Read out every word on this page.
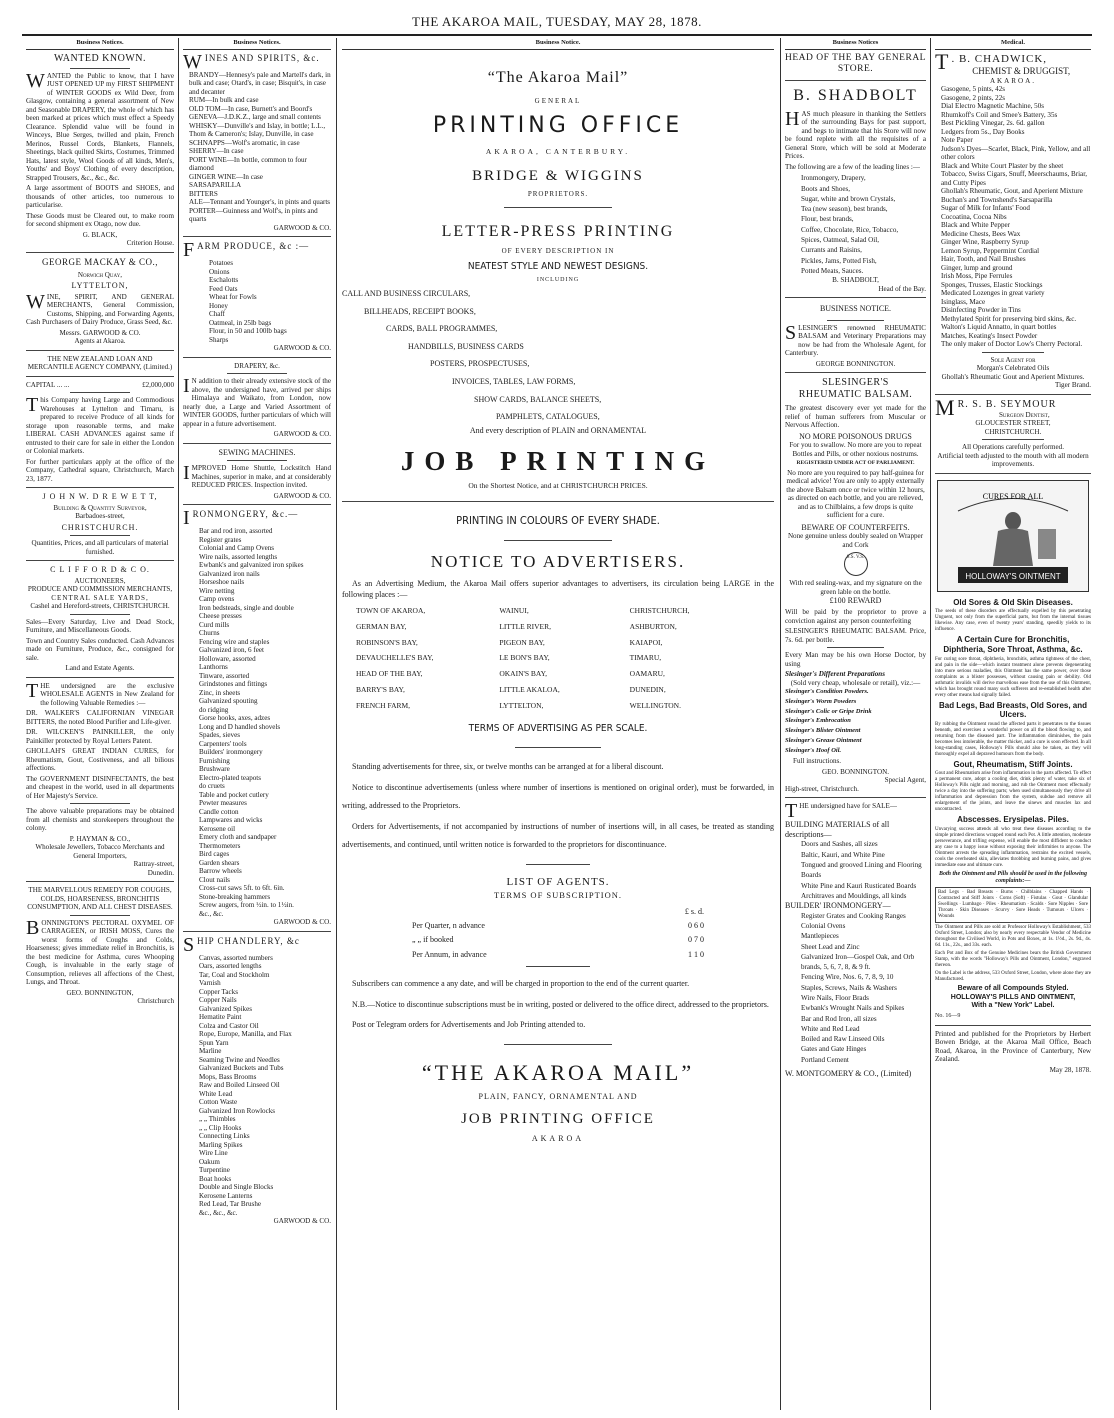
THE AKAROA MAIL, TUESDAY, MAY 28, 1878.
Business Notices.
WANTED KNOWN.
WANTED the Public to know, that I have JUST OPENED UP my FIRST SHIPMENT of WINTER GOODS ex Wild Deer, from Glasgow, containing a general assortment of New and Seasonable DRAPERY, the whole of which has been marked at prices which must effect a Speedy Clearance. Splendid value will be found in Winceys, Blue Serges, twilled and plain, French Merinos, Russel Cords, Blankets, Flannels, Sheetings, black quilted Skirts, Costumes, Trimmed Hats, latest style, Wool Goods of all kinds, Men's, Youths' and Boys' Clothing of every description, Strapped Trousers, &c., &c., &c.
A large assortment of BOOTS and SHOES, and thousands of other articles, too numerous to particularise.
These Goods must be Cleared out, to make room for second shipment ex Otago, now due.
G. BLACK,
Criterion House.
GEORGE MACKAY & CO.,
Norwich Quay,
LYTTELTON,
WINE, SPIRIT, AND GENERAL MERCHANTS, General Commission, Customs, Shipping, and Forwarding Agents, Cash Purchasers of Dairy Produce, Grass Seed, &c.
Messrs. GARWOOD & CO.
Agents at Akaroa.
THE NEW ZEALAND LOAN AND MERCANTILE AGENCY COMPANY, (Limited.)
CAPITAL ... ...	£2,000,000
This Company having Large and Commodious Warehouses at Lyttelton and Timaru, is prepared to receive Produce of all kinds for storage upon reasonable terms, and make LIBERAL CASH ADVANCES against same if entrusted to their care for sale in either the London or Colonial markets.
For further particulars apply at the office of the Company, Cathedral square, Christchurch, March 23, 1877.
J O H N W. D R E W E T T,
Building & Quantity Surveyor,
Barbadoes-street,
CHRISTCHURCH.
Quantities, Prices, and all particulars of material furnished.
C L I F F O R D & C O.
AUCTIONEERS,
PRODUCE AND COMMISSION MERCHANTS,
CENTRAL SALE YARDS,
Cashel and Hereford-streets, CHRISTCHURCH.
Sales—Every Saturday, Live and Dead Stock, Furniture, and Miscellaneous Goods.
Town and Country Sales conducted. Cash Advances made on Furniture, Produce, &c., consigned for sale.
Land and Estate Agents.
THE undersigned are the exclusive WHOLESALE AGENTS in New Zealand for the following Valuable Remedies :—
DR. WALKER'S CALIFORNIAN VINEGAR BITTERS, the noted Blood Purifier and Life-giver.
DR. WILCKEN'S PAINKILLER, the only Painkiller protected by Royal Letters Patent.
GHOLLAH'S GREAT INDIAN CURES, for Rheumatism, Gout, Costiveness, and all bilious affections.
The GOVERNMENT DISINFECTANTS, the best and cheapest in the world, used in all departments of Her Majesty's Service.
The above valuable preparations may be obtained from all chemists and storekeepers throughout the colony.
P. HAYMAN & CO.,
Wholesale Jewellers, Tobacco Merchants and General Importers,
Rattray-street,
Dunedin.
THE MARVELLOUS REMEDY FOR COUGHS, COLDS, HOARSENESS, BRONCHITIS CONSUMPTION, AND ALL CHEST DISEASES.
BONNINGTON'S PECTORAL OXYMEL OF CARRAGEEN, or IRISH MOSS, Cures the worst forms of Coughs and Colds, Hoarseness; gives immediate relief in Bronchitis, is the best medicine for Asthma, cures Whooping Cough, is invaluable in the early stage of Consumption, relieves all affections of the Chest, Lungs, and Throat.
GEO. BONNINGTON,
Christchurch
Business Notices.
WINES AND SPIRITS, &c.
BRANDY—Hennesy's pale and Martell's dark, in bulk and case; Otard's, in case; Bisquit's, in case and decanter
RUM—In bulk and case
OLD TOM—In case, Burnett's and Boord's
GENEVA—J.D.K.Z., large and small contents
WHISKY—Dunville's and Islay, in bottle; L.L., Thom & Cameron's; Islay, Dunville, in case
SCHNAPPS—Wolf's aromatic, in case
SHERRY—In case
PORT WINE—In bottle, common to four diamond
GINGER WINE—In case
SARSAPARILLA
BITTERS
ALE—Tennant and Younger's, in pints and quarts
PORTER—Guinness and Wolf's, in pints and quarts
GARWOOD & CO.
FARM PRODUCE, &c :—
Potatoes
Onions
Eschalotts
Feed Oats
Wheat for Fowls
Honey
Chaff
Oatmeal, in 25lb bags
Flour, in 50 and 100lb bags
Sharps
GARWOOD & CO.
DRAPERY, &c.
I N addition to their already extensive stock of the above, the undersigned have, arrived per ships Himalaya and Waikato, from London, now nearly due, a Large and Varied Assortment of WINTER GOODS, further particulars of which will appear in a future advertisement.
GARWOOD & CO.
SEWING MACHINES.
IMPROVED Home Shuttle, Lockstitch Hand Machines, superior in make, and at considerably REDUCED PRICES. Inspection invited.
GARWOOD & CO.
IRONMONGERY, &c.—
Bar and rod iron, assorted
Register grates
Colonial and Camp Ovens
Wire nails, assorted lengths
Ewbank's and galvanized iron spikes
Galvanized iron nails
Horseshoe nails
Wire netting
Camp ovens
Iron bedsteads, single and double
Cheese presses
Curd mills
Churns
Fencing wire and staples
Galvanized iron, 6 feet
Holloware, assorted
Lanthorns
Tinware, assorted
Grindstones and fittings
Zinc, in sheets
Galvanized spouting
do ridging
Gorse hooks, axes, adzes
Long and D handled shovels
Spades, sieves
Carpenters' tools
Builders' ironmongery
Furnishing
Brushware
Electro-plated teapots
do cruets
Table and pocket cutlery
Pewter measures
Candle cotton
Lampwares and wicks
Kerosene oil
Emery cloth and sandpaper
Thermometers
Bird cages
Garden shears
Barrow wheels
Clout nails
Cross-cut saws 5ft. to 6ft. 6in.
Stone-breaking hammers
Screw augers, from ½in. to 1½in.
&c., &c.
GARWOOD & CO.
SHIP CHANDLERY, &c
Canvas, assorted numbers
Oars, assorted lengths
Tar, Coal and Stockholm
Varnish
Copper Tacks
Copper Nails
Galvanized Spikes
Hematite Paint
Colza and Castor Oil
Rope, Europe, Manilla, and Flax
Spun Yarn
Marline
Seaming Twine and Needles
Galvanized Buckets and Tubs
Mops, Bass Brooms
Raw and Boiled Linseed Oil
White Lead
Cotton Waste
Galvanized Iron Rowlocks
„ „ Thimbles
„ „ Clip Hooks
Connecting Links
Marling Spikes
Wire Line
Oakum
Turpentine
Boat hooks
Double and Single Blocks
Kerosene Lanterns
Red Lead, Tar Brushe
&c., &c., &c.
GARWOOD & CO.
Business Notice.
“The Akaroa Mail”
GENERAL
PRINTING OFFICE
AKAROA, CANTERBURY.
BRIDGE & WIGGINS
PROPRIETORS.
LETTER-PRESS PRINTING
OF EVERY DESCRIPTION IN
NEATEST STYLE AND NEWEST DESIGNS.
INCLUDING
CALL AND BUSINESS CIRCULARS,
BILLHEADS, RECEIPT BOOKS,
CARDS, BALL PROGRAMMES,
HANDBILLS, BUSINESS CARDS
POSTERS, PROSPECTUSES,
INVOICES, TABLES, LAW FORMS,
SHOW CARDS, BALANCE SHEETS,
PAMPHLETS, CATALOGUES,
And every description of PLAIN and ORNAMENTAL
JOB PRINTING
On the Shortest Notice, and at CHRISTCHURCH PRICES.
PRINTING IN COLOURS OF EVERY SHADE.
NOTICE TO ADVERTISERS.
As an Advertising Medium, the Akaroa Mail offers superior advantages to advertisers, its circulation being LARGE in the following places :—
TOWN OF AKAROA,	WAINUI,	CHRISTCHURCH,
GERMAN BAY,	LITTLE RIVER,	ASHBURTON,
ROBINSON'S BAY,	PIGEON BAY,	KAIAPOI,
DEVAUCHELLE'S BAY,	LE BON'S BAY,	TIMARU,
HEAD OF THE BAY,	OKAIN'S BAY,	OAMARU,
BARRY'S BAY,	LITTLE AKALOA,	DUNEDIN,
FRENCH FARM,	LYTTELTON,	WELLINGTON.
TERMS OF ADVERTISING AS PER SCALE.
Standing advertisements for three, six, or twelve months can be arranged at for a liberal discount.
Notice to discontinue advertisements (unless where number of insertions is mentioned on original order), must be forwarded, in writing, addressed to the Proprietors.
Orders for Advertisements, if not accompanied by instructions of number of insertions will, in all cases, be treated as standing advertisements, and continued, until written notice is forwarded to the proprietors for discontinuance.
LIST OF AGENTS.
TERMS OF SUBSCRIPTION.
	£ s. d.
Per Quarter, n advance	0 6 0
„ „ if booked	0 7 0
Per Annum, in advance	1 1 0
Subscribers can commence a any date, and will be charged in proportion to the end of the current quarter.
N.B.—Notice to discontinue subscriptions must be in writing, posted or delivered to the office direct, addressed to the proprietors.
Post or Telegram orders for Advertisements and Job Printing attended to.
“THE AKAROA MAIL”
PLAIN, FANCY, ORNAMENTAL AND
JOB PRINTING OFFICE
AKAROA
Business Notices
HEAD OF THE BAY GENERAL STORE.
B. SHADBOLT
HAS much pleasure in thanking the Settlers of the surrounding Bays for past support, and begs to intimate that his Store will now be found replete with all the requisites of a General Store, which will be sold at Moderate Prices.
The following are a few of the leading lines :—
Ironmongery, Drapery,
Boots and Shoes,
Sugar, white and brown Crystals,
Tea (new season), best brands,
Flour, best brands,
Coffee, Chocolate, Rice, Tobacco,
Spices, Oatmeal, Salad Oil,
Currants and Raisins,
Pickles, Jams, Potted Fish,
Potted Meats, Sauces.
B. SHADBOLT,
Head of the Bay.
BUSINESS NOTICE.
SLESINGER'S renowned RHEUMATIC BALSAM and Veterinary Preparations may now be had from the Wholesale Agent, for Canterbury.
GEORGE BONNINGTON.
SLESINGER'S
RHEUMATIC BALSAM.
The greatest discovery ever yet made for the relief of human sufferers from Muscular or Nervous Affection.
NO MORE POISONOUS DRUGS
For you to swallow. No more are you to repeat Bottles and Pills, or other noxious nostrums.
REGISTERED UNDER ACT OF PARLIAMENT.
No more are you required to pay half-guinea for medical advice! You are only to apply externally the above Balsam once or twice within 12 hours, as directed on each bottle, and you are relieved, and as to Chilblains, a few drops is quite sufficient for a cure.
BEWARE OF COUNTERFEITS.
None genuine unless doubly sealed on Wrapper and Cork
S.S. V.S.
With red sealing-wax, and my signature on the green lable on the bottle.
£100 REWARD
Will be paid by the proprietor to prove a conviction against any person counterfeiting
SLESINGER'S RHEUMATIC BALSAM. Price, 7s. 6d. per bottle.
Every Man may be his own Horse Doctor, by using
Slesinger's Different Preparations
(Sold very cheap, wholesale or retail), viz.:—
Slesinger's Condition Powders.
Slesinger's Worm Powders
Slesinger's Colic or Gripe Drink
Slesinger's Embrocation
Slesinger's Blister Ointment
Slesinger's Grease Ointment
Slesinger's Hoof Oil.
Full instructions.
GEO. BONNINGTON.
Special Agent,
High-street, Christchurch.
THE undersigned have for SALE—
BUILDING MATERIALS of all descriptions—
Doors and Sashes, all sizes
Baltic, Kauri, and White Pine
Tongued and grooved Lining and Flooring Boards
White Pine and Kauri Rusticated Boards
Architraves and Mouldings, all kinds
BUILDER' IRONMONGERY—
Register Grates and Cooking Ranges
Colonial Ovens
Mantlepieces
Sheet Lead and Zinc
Galvanized Iron—Gospel Oak, and Orb brands, 5, 6, 7, 8, & 9 ft.
Fencing Wire, Nos. 6, 7, 8, 9, 10
Staples, Screws, Nails & Washers
Wire Nails, Floor Brads
Ewbank's Wrought Nails and Spikes
Bar and Rod Iron, all sizes
White and Red Lead
Boiled and Raw Linseed Oils
Gates and Gate Hinges
Portland Cement
W. MONTGOMERY & CO., (Limited)
Medical.
T . B. CHADWICK,
CHEMIST & DRUGGIST,
AKAROA.
Gasogene, 5 pints, 42s
Gasogene, 2 pints, 22s
Dial Electro Magnetic Machine, 50s
Rhumkoff's Coil and Smee's Battery, 35s
Best Pickling Vinegar, 2s. 6d. gallon
Ledgers from 5s., Day Books
Note Paper
Judson's Dyes—Scarlet, Black, Pink, Yellow, and all other colors
Black and White Court Plaster by the sheet
Tobacco, Swiss Cigars, Snuff, Meerschaums, Briar, and Cutty Pipes
Ghollah's Rheumatic, Gout, and Aperient Mixture
Buchan's and Townshend's Sarsaparilla
Sugar of Milk for Infants' Food
Cocoatina, Cocoa Nibs
Black and White Pepper
Medicine Chests, Bees Wax
Ginger Wine, Raspberry Syrup
Lemon Syrup, Peppermint Cordial
Hair, Tooth, and Nail Brushes
Ginger, lump and ground
Irish Moss, Pipe Ferrules
Sponges, Trusses, Elastic Stockings
Medicated Lozenges in great variety
Isinglass, Mace
Disinfecting Powder in Tins
Methylated Spirit for preserving bird skins, &c.
Walton's Liquid Annatto, in quart bottles
Matches, Keating's Insect Powder
The only maker of Doctor Low's Cherry Pectoral.
Sole Agent for
Morgan's Celebrated Oils
Ghollah's Rheumatic Gout and Aperient Mixtures.
Tiger Brand.
M R. S. B. SEYMOUR
Surgeon Dentist,
GLOUCESTER STREET,
CHRISTCHURCH.
All Operations carefully performed.
Artificial teeth adjusted to the mouth with all modern improvements.
CURES FOR ALL
HOLLOWAY'S OINTMENT
Old Sores & Old Skin Diseases.
The seeds of these disorders are effectually expelled by this penetrating Unguent, not only from the superficial parts, but from the internal tissues likewise. Any case, even of twenty years' standing, speedily yields to its influence.
A Certain Cure for Bronchitis, Diphtheria, Sore Throat, Asthma, &c.
For curing sore throat, diphtheria, bronchitis, asthma tightness of the chest, and pain in the side—which instant treatment alone prevents degenerating into more serious maladies, this Ointment has the same power, over those complaints as a blister possesses, without causing pain or debility. Old asthmatic invalids will derive marvellous ease from the use of this Ointment, which has brought round many such sufferers and re-established health after every other means had signally failed.
Bad Legs, Bad Breasts, Old Sores, and Ulcers.
By rubbing the Ointment round the affected parts it penetrates to the tissues beneath, and exercises a wonderful power on all the blood flowing to, and returning from the diseased part. The inflammation diminishes, the pain becomes less intolerable, the matter thicker, and a cure is soon effected. In all long-standing cases, Holloway's Pills should also be taken, as they will thoroughly expel all depraved humours from the body.
Gout, Rheumatism, Stiff Joints.
Gout and Rheumatism arise from inflammation in the parts affected. To effect a permanent cure, adopt a cooling diet, drink plenty of water, take six of Holloway's Pills night and morning, and rub the Ointment most effectually twice a day into the suffering parts; when used simultaneously they drive all inflammation and depression from the system, subdue and remove all enlargement of the joints, and leave the sinews and muscles lax and uncontracted.
Abscesses. Erysipelas. Piles.
Unvarying success attends all who treat these diseases according to the simple printed directions wrapped round each Pot. A little attention, moderate perseverance, and trifling expense, will enable the most diffident to conduct any case to a happy issue without exposing their infirmities to anyone. The Ointment arrests the spreading inflammation, restrains the excited vessels, cools the overheated skin, alleviates throbbing and burning pains, and gives immediate ease and ultimate cure.
Both the Ointment and Pills should be used in the following complaints:—
Bad Legs · Bad Breasts · Burns · Chilblains · Chapped Hands · Contracted and Stiff Joints · Corns (Soft) · Fistulas · Gout · Glandular Swellings · Lumbago · Piles · Rheumatism · Scalds · Sore Nipples · Sore Throats · Skin Diseases · Scurvy · Sore Heads · Tumours · Ulcers · Wounds
The Ointment and Pills are sold at Professor Holloway's Establishment, 533 Oxford Street, London; also by nearly every respectable Vendor of Medicine throughout the Civilised World, in Pots and Boxes, at 1s. 1½d., 2s. 9d., 4s. 6d. 11s., 22s., and 33s. each.
Each Pot and Box of the Genuine Medicines bears the British Government Stamp, with the words "Holloway's Pills and Ointment, London," engraved thereon.
On the Label is the address, 533 Oxford Street, London, where alone they are Manufactured.
Beware of all Compounds Styled.
HOLLOWAY'S PILLS AND OINTMENT,
With a "New York" Label.
No. 16—9
Printed and published for the Proprietors by Herbert Bowen Bridge, at the Akaroa Mail Office, Beach Road, Akaroa, in the Province of Canterbury, New Zealand.
May 28, 1878.
